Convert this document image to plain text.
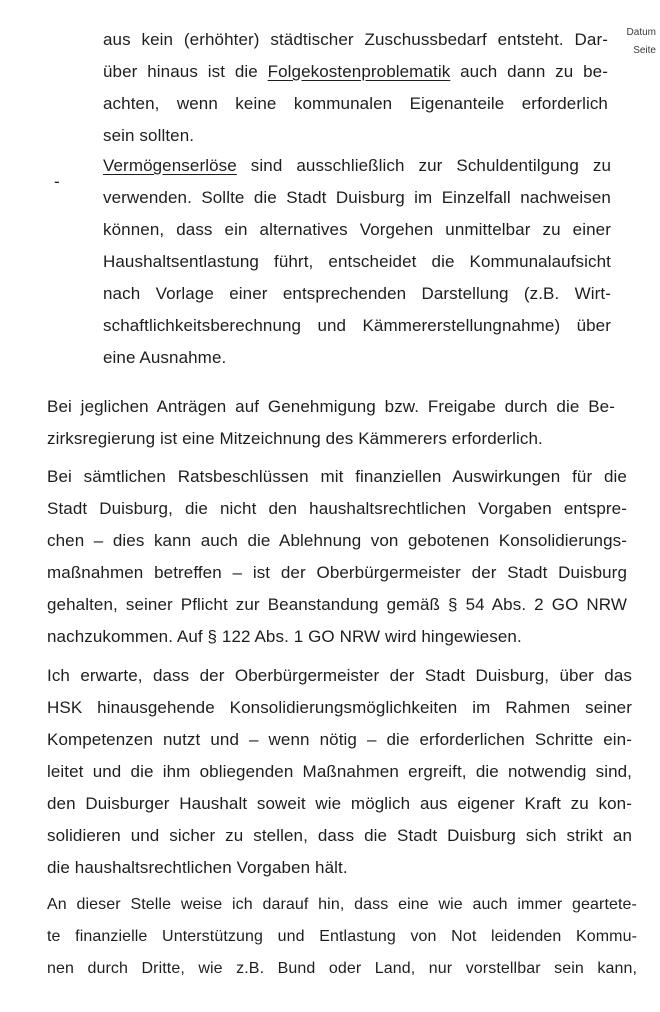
Datum
Seite
aus kein (erhöhter) städtischer Zuschussbedarf entsteht. Dar-
über hinaus ist die Folgekostenproblematik auch dann zu be-
achten, wenn keine kommunalen Eigenanteile erforderlich
sein sollten.
-
Vermögenserlöse sind ausschließlich zur Schuldentilgung zu
verwenden. Sollte die Stadt Duisburg im Einzelfall nachweisen
können, dass ein alternatives Vorgehen unmittelbar zu einer
Haushaltsentlastung führt, entscheidet die Kommunalaufsicht
nach Vorlage einer entsprechenden Darstellung (z.B. Wirt-
schaftlichkeitsberechnung und Kämmererstellungnahme) über
eine Ausnahme.
Bei jeglichen Anträgen auf Genehmigung bzw. Freigabe durch die Be-
zirksregierung ist eine Mitzeichnung des Kämmerers erforderlich.
Bei sämtlichen Ratsbeschlüssen mit finanziellen Auswirkungen für die
Stadt Duisburg, die nicht den haushaltsrechtlichen Vorgaben entspre-
chen – dies kann auch die Ablehnung von gebotenen Konsolidierungs-
maßnahmen betreffen – ist der Oberbürgermeister der Stadt Duisburg
gehalten, seiner Pflicht zur Beanstandung gemäß § 54 Abs. 2 GO NRW
nachzukommen. Auf § 122 Abs. 1 GO NRW wird hingewiesen.
Ich erwarte, dass der Oberbürgermeister der Stadt Duisburg, über das
HSK hinausgehende Konsolidierungsmöglichkeiten im Rahmen seiner
Kompetenzen nutzt und – wenn nötig – die erforderlichen Schritte ein-
leitet und die ihm obliegenden Maßnahmen ergreift, die notwendig sind,
den Duisburger Haushalt soweit wie möglich aus eigener Kraft zu kon-
solidieren und sicher zu stellen, dass die Stadt Duisburg sich strikt an
die haushaltsrechtlichen Vorgaben hält.
An dieser Stelle weise ich darauf hin, dass eine wie auch immer geartete-
te finanzielle Unterstützung und Entlastung von Not leidenden Kommu-
nen durch Dritte, wie z.B. Bund oder Land, nur vorstellbar sein kann,
